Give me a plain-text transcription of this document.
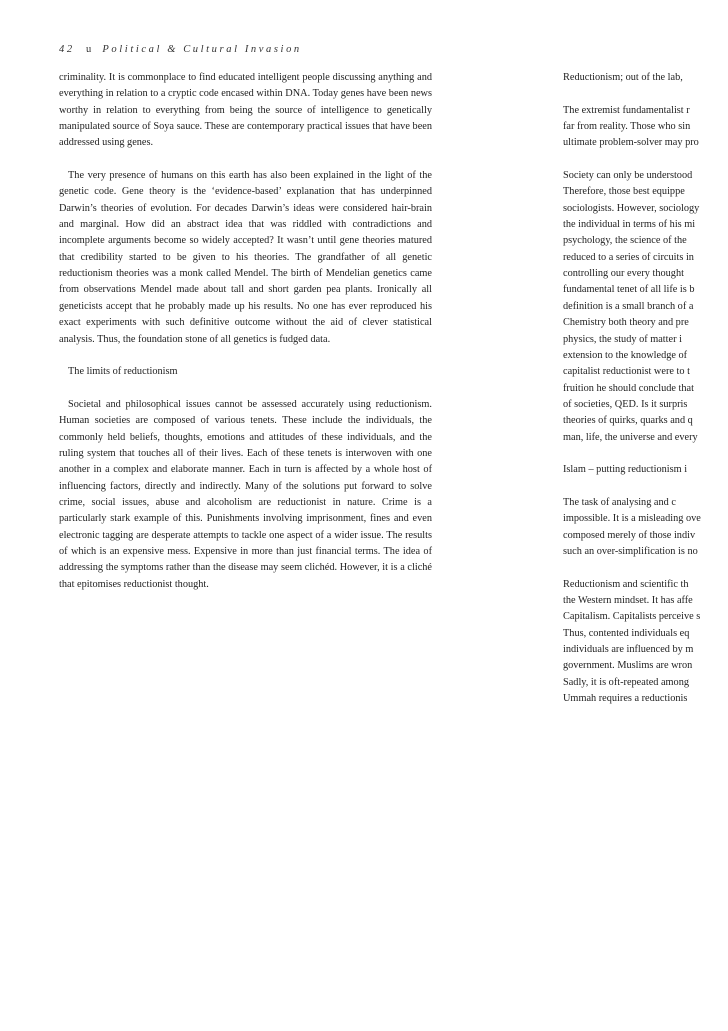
42 u Political & Cultural Invasion

criminality. It is commonplace to find educated intelligent people discussing anything and everything in relation to a cryptic code encased within DNA. Today genes have been news worthy in relation to everything from being the source of intelligence to genetically manipulated source of Soya sauce. These are contemporary practical issues that have been addressed using genes.

The very presence of humans on this earth has also been explained in the light of the genetic code. Gene theory is the ‘evidence-based’ explanation that has underpinned Darwin’s theories of evolution. For decades Darwin’s ideas were considered hair-brain and marginal. How did an abstract idea that was riddled with contradictions and incomplete arguments become so widely accepted? It wasn’t until gene theories matured that credibility started to be given to his theories. The grandfather of all genetic reductionism theories was a monk called Mendel. The birth of Mendelian genetics came from observations Mendel made about tall and short garden pea plants. Ironically all geneticists accept that he probably made up his results. No one has ever reproduced his exact experiments with such definitive outcome without the aid of clever statistical analysis. Thus, the foundation stone of all genetics is fudged data.

The limits of reductionism

Societal and philosophical issues cannot be assessed accurately using reductionism. Human societies are composed of various tenets. These include the individuals, the commonly held beliefs, thoughts, emotions and attitudes of these individuals, and the ruling system that touches all of their lives. Each of these tenets is interwoven with one another in a complex and elaborate manner. Each in turn is affected by a whole host of influencing factors, directly and indirectly. Many of the solutions put forward to solve crime, social issues, abuse and alcoholism are reductionist in nature. Crime is a particularly stark example of this. Punishments involving imprisonment, fines and even electronic tagging are desperate attempts to tackle one aspect of a wider issue. The results of which is an expensive mess. Expensive in more than just financial terms. The idea of addressing the symptoms rather than the disease may seem clichéd. However, it is a cliché that epitomises reductionist thought.

Reductionism; out of the lab,

The extremist fundamentalist r
far from reality. Those who sin
ultimate problem-solver may pro

Society can only be understood
Therefore, those best equippe
sociologists. However, sociology
the individual in terms of his mi
psychology, the science of the
reduced to a series of circuits in
controlling our every thought
fundamental tenet of all life is b
definition is a small branch of a
Chemistry both theory and pre
physics, the study of matter i
extension to the knowledge of
capitalist reductionist were to t
fruition he should conclude that
of societies, QED. Is it surpris
theories of quirks, quarks and q
man, life, the universe and every

Islam – putting reductionism i

The task of analysing and c
impossible. It is a misleading ove
composed merely of those indiv
such an over-simplification is no

Reductionism and scientific th
the Western mindset. It has affe
Capitalism. Capitalists perceive s
Thus, contented individuals eq
individuals are influenced by m
government. Muslims are wron
Sadly, it is oft-repeated among
Ummah requires a reductionis
